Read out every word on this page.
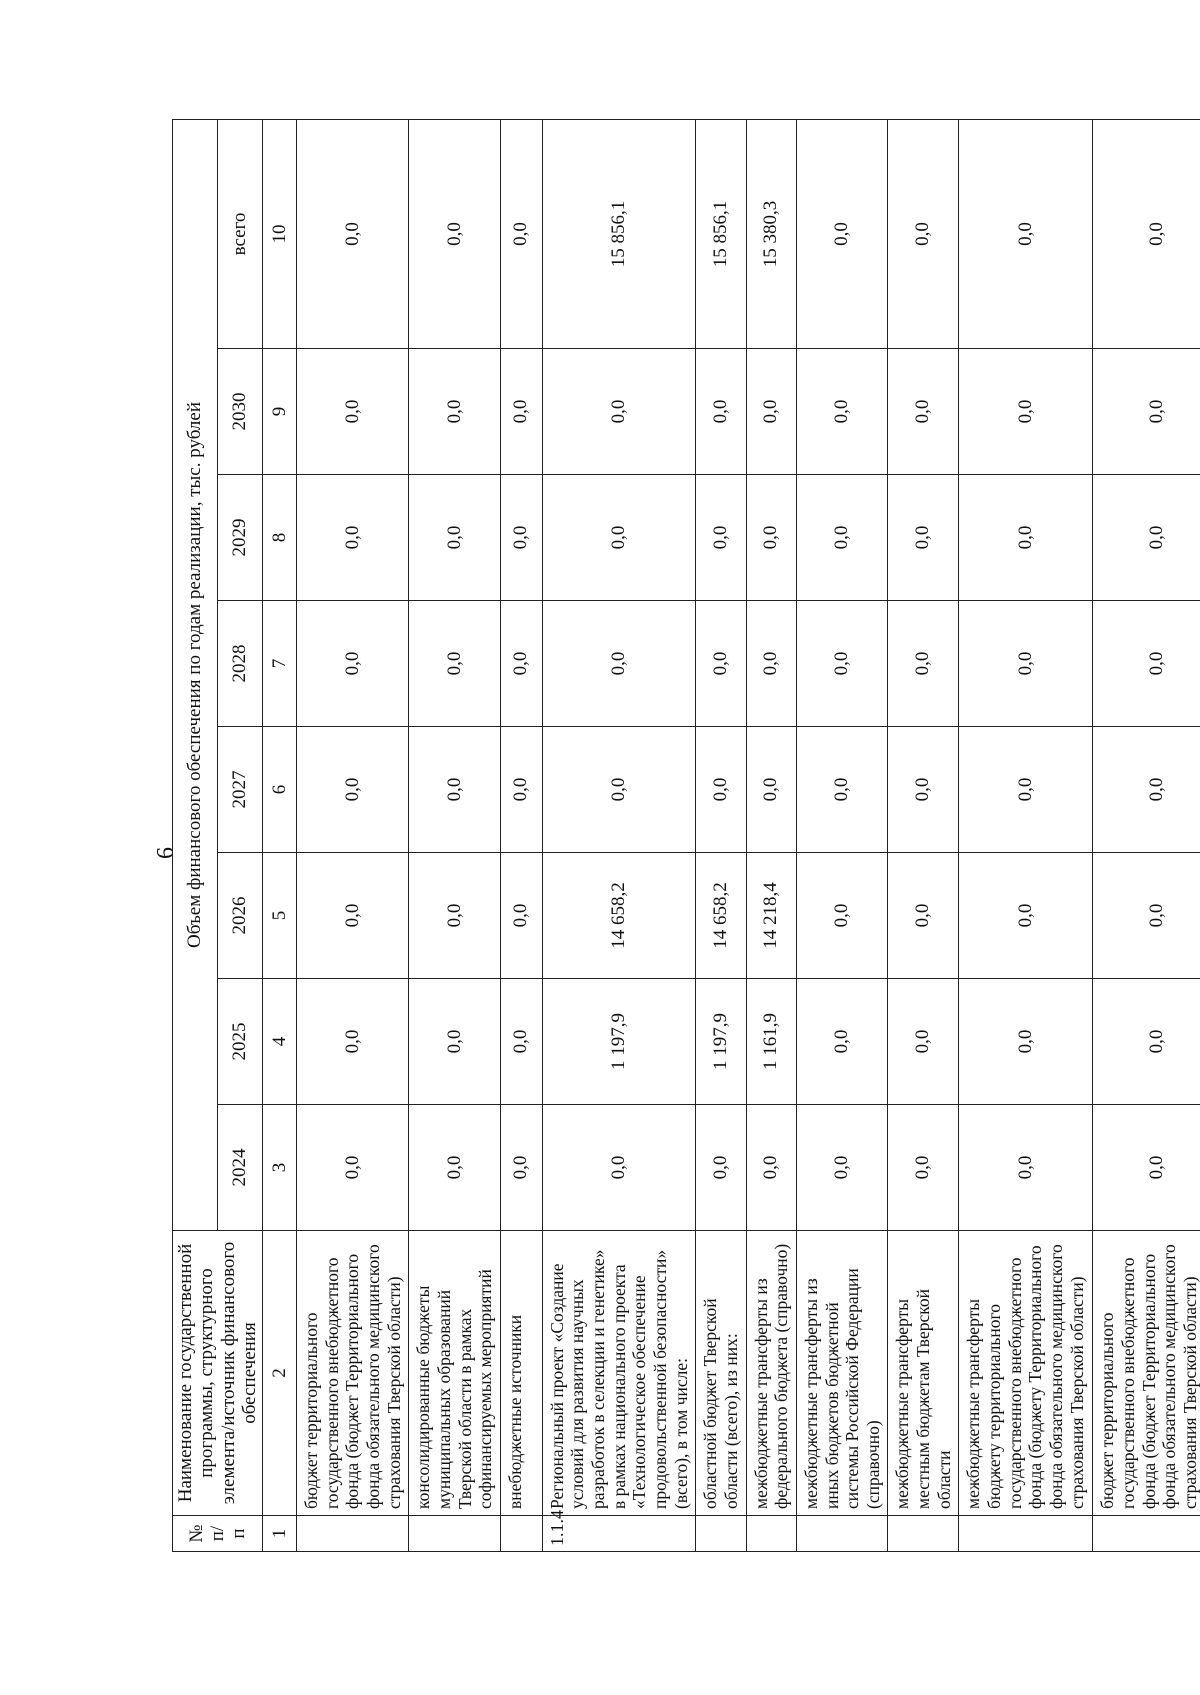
6
№ п/п	Наименование государственной программы, структурного элемента/источник финансового обеспечения	Объем финансового обеспечения по годам реализации, тыс. рублей							
		2024	2025	2026	2027	2028	2029	2030	всего
1	2	3	4	5	6	7	8	9	10
	бюджет территориального государственного внебюджетного фонда (бюджет Территориального фонда обязательного медицинского страхования Тверской области)	0,0	0,0	0,0	0,0	0,0	0,0	0,0	0,0
	консолидированные бюджеты муниципальных образований Тверской области в рамках софинансируемых мероприятий	0,0	0,0	0,0	0,0	0,0	0,0	0,0	0,0
	внебюджетные источники	0,0	0,0	0,0	0,0	0,0	0,0	0,0	0,0
1.1.4	Региональный проект «Создание условий для развития научных разработок в селекции и генетике» в рамках национального проекта «Технологическое обеспечение продовольственной безопасности» (всего), в том числе:	0,0	1 197,9	14 658,2	0,0	0,0	0,0	0,0	15 856,1
	областной бюджет Тверской области (всего), из них:	0,0	1 197,9	14 658,2	0,0	0,0	0,0	0,0	15 856,1
	межбюджетные трансферты из федерального бюджета (справочно)	0,0	1 161,9	14 218,4	0,0	0,0	0,0	0,0	15 380,3
	межбюджетные трансферты из иных бюджетов бюджетной системы Российской Федерации (справочно)	0,0	0,0	0,0	0,0	0,0	0,0	0,0	0,0
	межбюджетные трансферты местным бюджетам Тверской области	0,0	0,0	0,0	0,0	0,0	0,0	0,0	0,0
	межбюджетные трансферты бюджету территориального государственного внебюджетного фонда (бюджету Территориального фонда обязательного медицинского страхования Тверской области)	0,0	0,0	0,0	0,0	0,0	0,0	0,0	0,0
	бюджет территориального государственного внебюджетного фонда (бюджет Территориального фонда обязательного медицинского страхования Тверской области)	0,0	0,0	0,0	0,0	0,0	0,0	0,0	0,0
